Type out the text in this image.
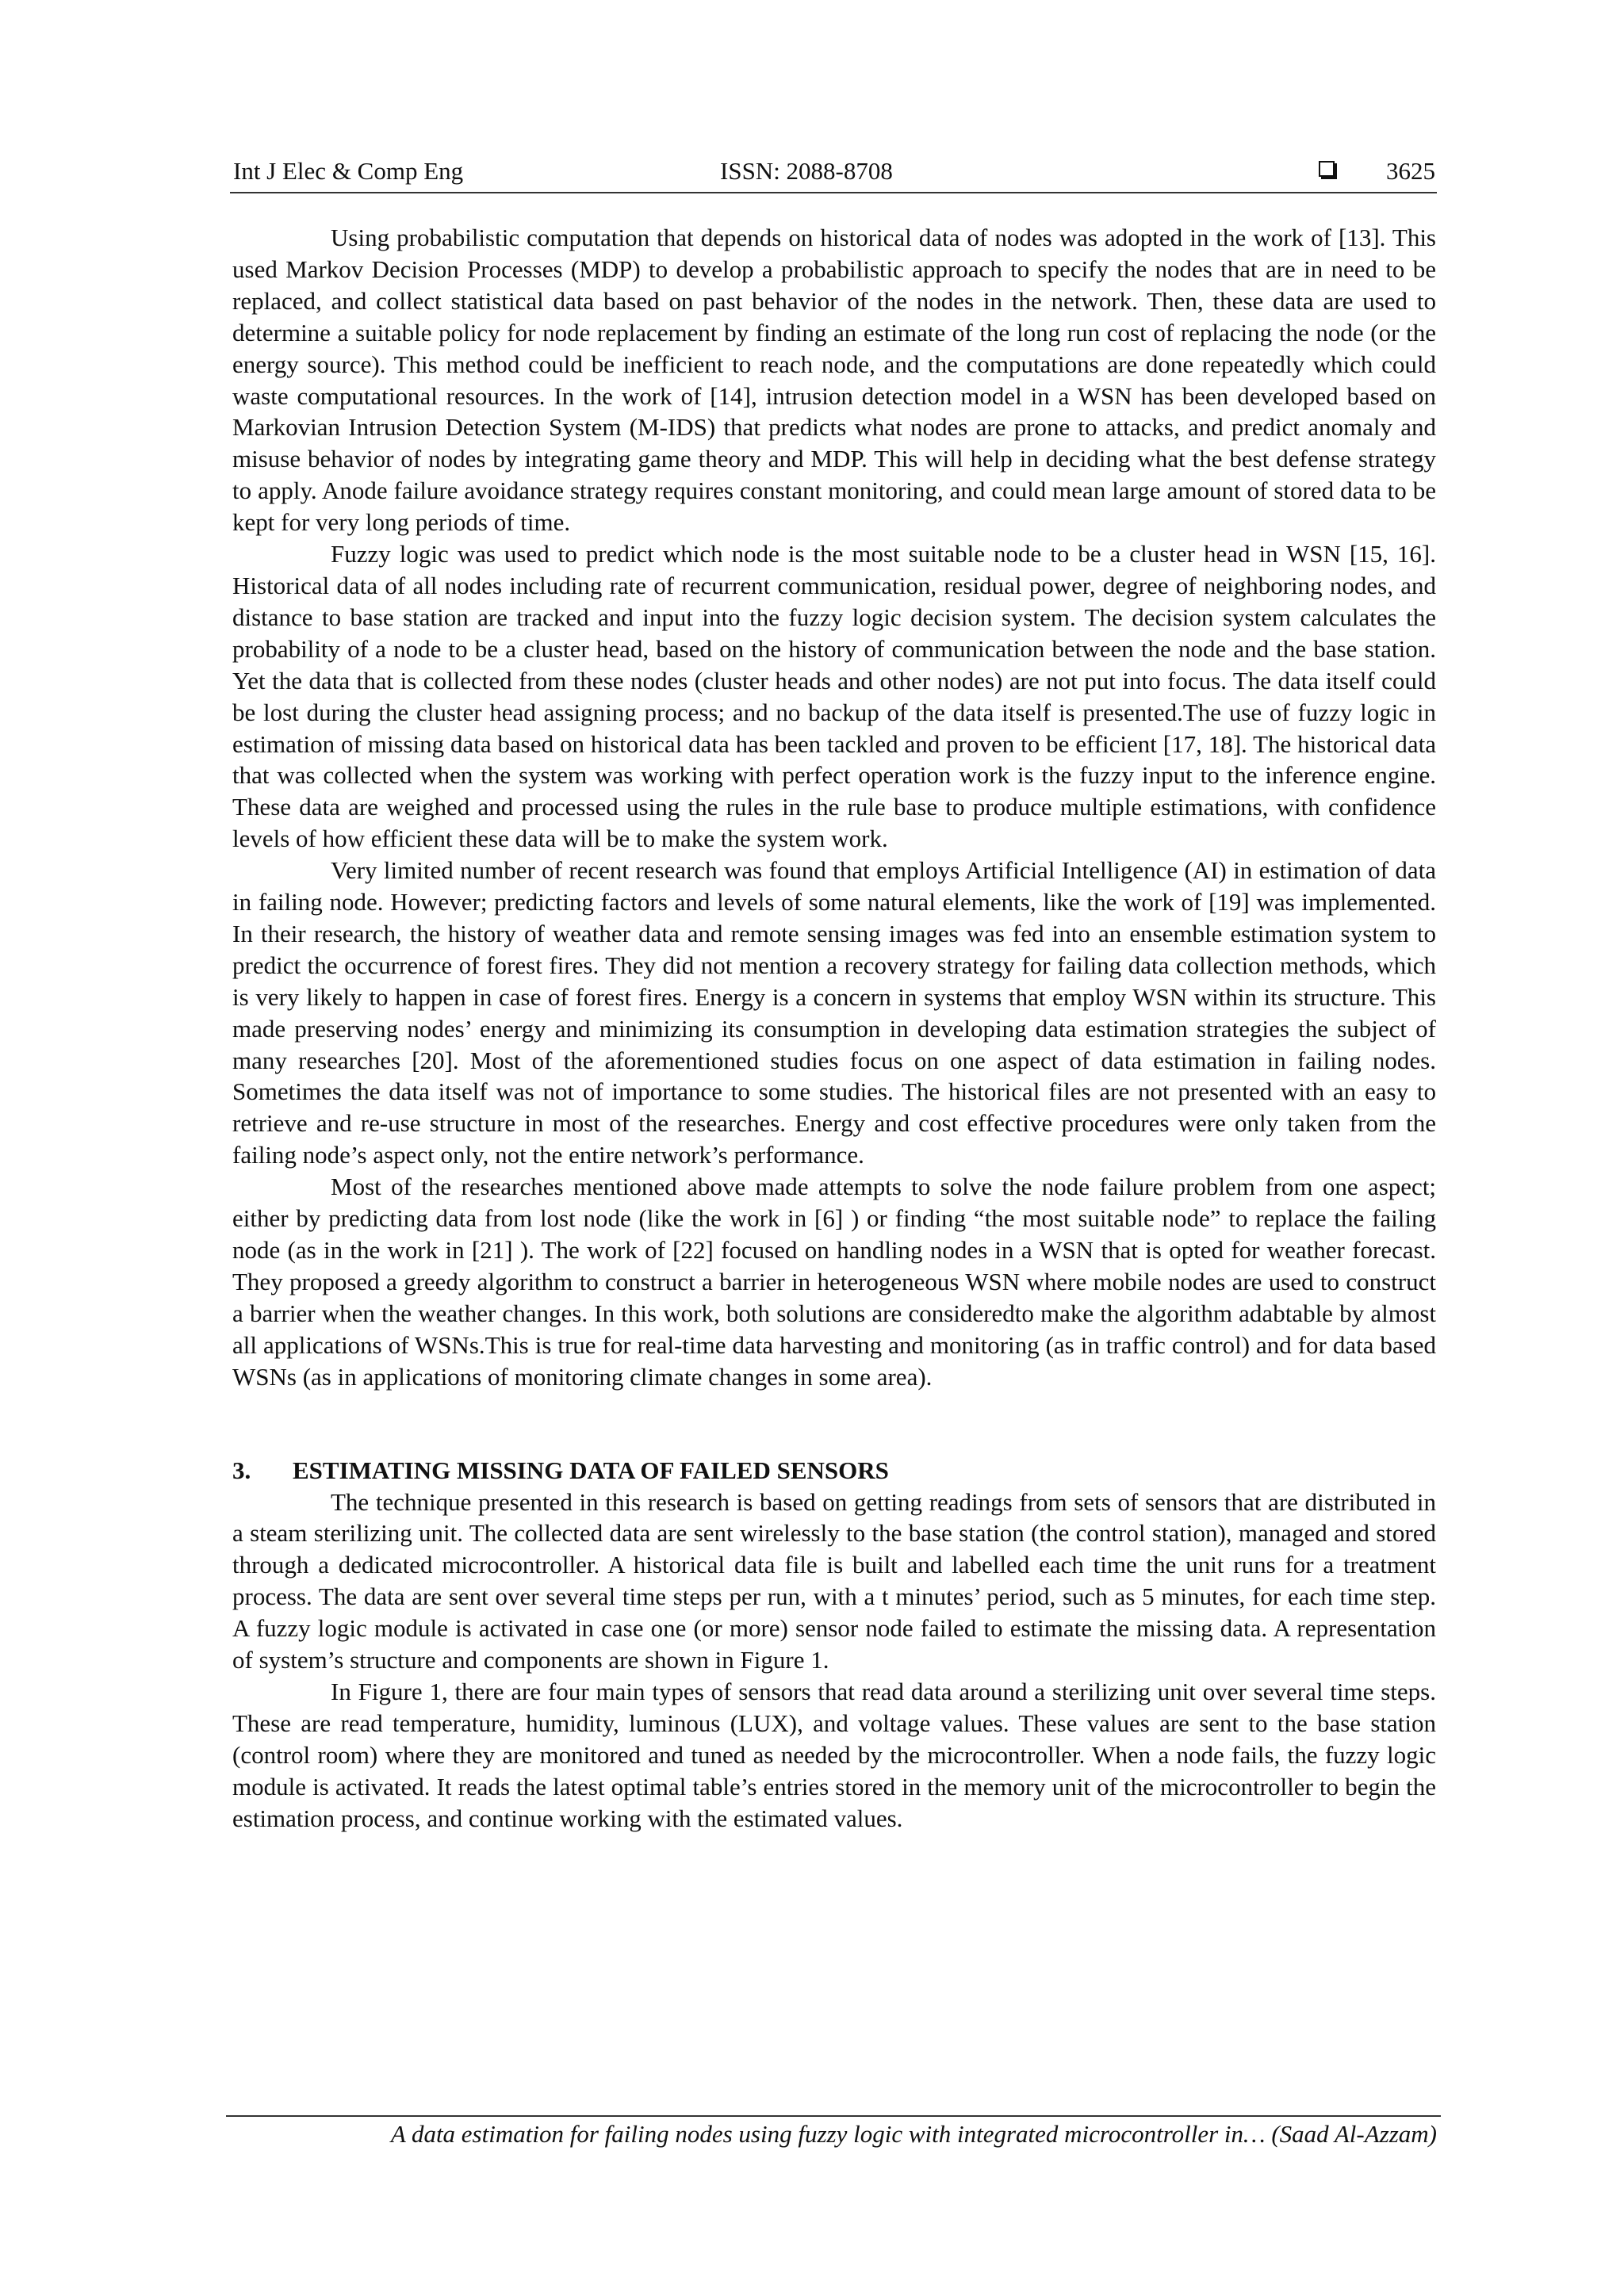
Int J Elec & Comp Eng	ISSN: 2088-8708	3625

Using probabilistic computation that depends on historical data of nodes was adopted in the work of [13]. This used Markov Decision Processes (MDP) to develop a probabilistic approach to specify the nodes that are in need to be replaced, and collect statistical data based on past behavior of the nodes in the network. Then, these data are used to determine a suitable policy for node replacement by finding an estimate of the long run cost of replacing the node (or the energy source). This method could be inefficient to reach node, and the computations are done repeatedly which could waste computational resources. In the work of [14], intrusion detection model in a WSN has been developed based on Markovian Intrusion Detection System (M-IDS) that predicts what nodes are prone to attacks, and predict anomaly and misuse behavior of nodes by integrating game theory and MDP. This will help in deciding what the best defense strategy to apply. Anode failure avoidance strategy requires constant monitoring, and could mean large amount of stored data to be kept for very long periods of time.

Fuzzy logic was used to predict which node is the most suitable node to be a cluster head in WSN [15, 16]. Historical data of all nodes including rate of recurrent communication, residual power, degree of neighboring nodes, and distance to base station are tracked and input into the fuzzy logic decision system. The decision system calculates the probability of a node to be a cluster head, based on the history of communication between the node and the base station. Yet the data that is collected from these nodes (cluster heads and other nodes) are not put into focus. The data itself could be lost during the cluster head assigning process; and no backup of the data itself is presented.The use of fuzzy logic in estimation of missing data based on historical data has been tackled and proven to be efficient [17, 18]. The historical data that was collected when the system was working with perfect operation work is the fuzzy input to the inference engine. These data are weighed and processed using the rules in the rule base to produce multiple estimations, with confidence levels of how efficient these data will be to make the system work.

Very limited number of recent research was found that employs Artificial Intelligence (AI) in estimation of data in failing node. However; predicting factors and levels of some natural elements, like the work of [19] was implemented. In their research, the history of weather data and remote sensing images was fed into an ensemble estimation system to predict the occurrence of forest fires. They did not mention a recovery strategy for failing data collection methods, which is very likely to happen in case of forest fires. Energy is a concern in systems that employ WSN within its structure. This made preserving nodes’ energy and minimizing its consumption in developing data estimation strategies the subject of many researches [20]. Most of the aforementioned studies focus on one aspect of data estimation in failing nodes. Sometimes the data itself was not of importance to some studies. The historical files are not presented with an easy to retrieve and re-use structure in most of the researches. Energy and cost effective procedures were only taken from the failing node’s aspect only, not the entire network’s performance.

Most of the researches mentioned above made attempts to solve the node failure problem from one aspect; either by predicting data from lost node (like the work in [6] ) or finding “the most suitable node” to replace the failing node (as in the work in [21] ). The work of [22] focused on handling nodes in a WSN that is opted for weather forecast. They proposed a greedy algorithm to construct a barrier in heterogeneous WSN where mobile nodes are used to construct a barrier when the weather changes. In this work, both solutions are consideredto make the algorithm adabtable by almost all applications of WSNs.This is true for real-time data harvesting and monitoring (as in traffic control) and for data based WSNs (as in applications of monitoring climate changes in some area).

3. ESTIMATING MISSING DATA OF FAILED SENSORS

The technique presented in this research is based on getting readings from sets of sensors that are distributed in a steam sterilizing unit. The collected data are sent wirelessly to the base station (the control station), managed and stored through a dedicated microcontroller. A historical data file is built and labelled each time the unit runs for a treatment process. The data are sent over several time steps per run, with a t minutes’ period, such as 5 minutes, for each time step. A fuzzy logic module is activated in case one (or more) sensor node failed to estimate the missing data. A representation of system’s structure and components are shown in Figure 1.

In Figure 1, there are four main types of sensors that read data around a sterilizing unit over several time steps. These are read temperature, humidity, luminous (LUX), and voltage values. These values are sent to the base station (control room) where they are monitored and tuned as needed by the microcontroller. When a node fails, the fuzzy logic module is activated. It reads the latest optimal table’s entries stored in the memory unit of the microcontroller to begin the estimation process, and continue working with the estimated values.

A data estimation for failing nodes using fuzzy logic with integrated microcontroller in… (Saad Al-Azzam)
